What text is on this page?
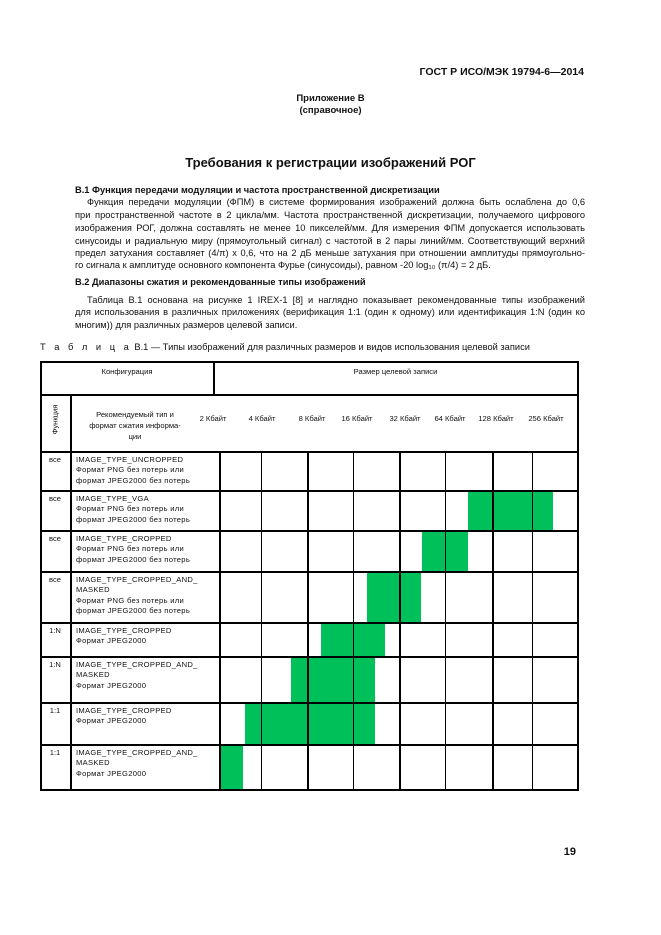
ГОСТ Р ИСО/МЭК 19794-6—2014
Приложение В
(справочное)
Требования к регистрации изображений РОГ
В.1 Функция передачи модуляции и частота пространственной дискретизации
Функция передачи модуляции (ФПМ) в системе формирования изображений должна быть ослаблена до 0,6
при пространственной частоте в 2 цикла/мм. Частота пространственной дискретизации, получаемого цифрового
изображения РОГ, должна составлять не менее 10 пикселей/мм. Для измерения ФПМ допускается использовать
синусоиды и радиальную миру (прямоугольный сигнал) с частотой в 2 пары линий/мм. Соответствующий верхний
предел затухания составляет (4/π) x 0,6, что на 2 дБ меньше затухания при отношении амплитуды прямоугольно-
го сигнала к амплитуде основного компонента Фурье (синусоиды), равном -20 log₁₀ (π/4) = 2 дБ.
В.2 Диапазоны сжатия и рекомендованные типы изображений
Таблица В.1 основана на рисунке 1 IREX-1 [8] и наглядно показывает рекомендованные типы изображений
для использования в различных приложениях (верификация 1:1 (один к одному) или идентификация 1:N (один ко
многим)) для различных размеров целевой записи.
Т а б л и ц а В.1 — Типы изображений для различных размеров и видов использования целевой записи
Конфигурация	Размер целевой записи
Функция	Рекомендуемый тип и
формат сжатия информа-
ции
2 Кбайт	4 Кбайт	8 Кбайт	16 Кбайт	32 Кбайт	64 Кбайт	128 Кбайт	256 Кбайт
все	IMAGE_TYPE_UNCROPPED
Формат PNG без потерь или
формат JPEG2000 без потерь
все	IMAGE_TYPE_VGA
Формат PNG без потерь или
формат JPEG2000 без потерь
все	IMAGE_TYPE_CROPPED
Формат PNG без потерь или
формат JPEG2000 без потерь
все	IMAGE_TYPE_CROPPED_AND_
MASKED
Формат PNG без потерь или
формат JPEG2000 без потерь
1:N	IMAGE_TYPE_CROPPED
Формат JPEG2000
1:N	IMAGE_TYPE_CROPPED_AND_
MASKED
Формат JPEG2000
1:1	IMAGE_TYPE_CROPPED
Формат JPEG2000
1:1	IMAGE_TYPE_CROPPED_AND_
MASKED
Формат JPEG2000
19
